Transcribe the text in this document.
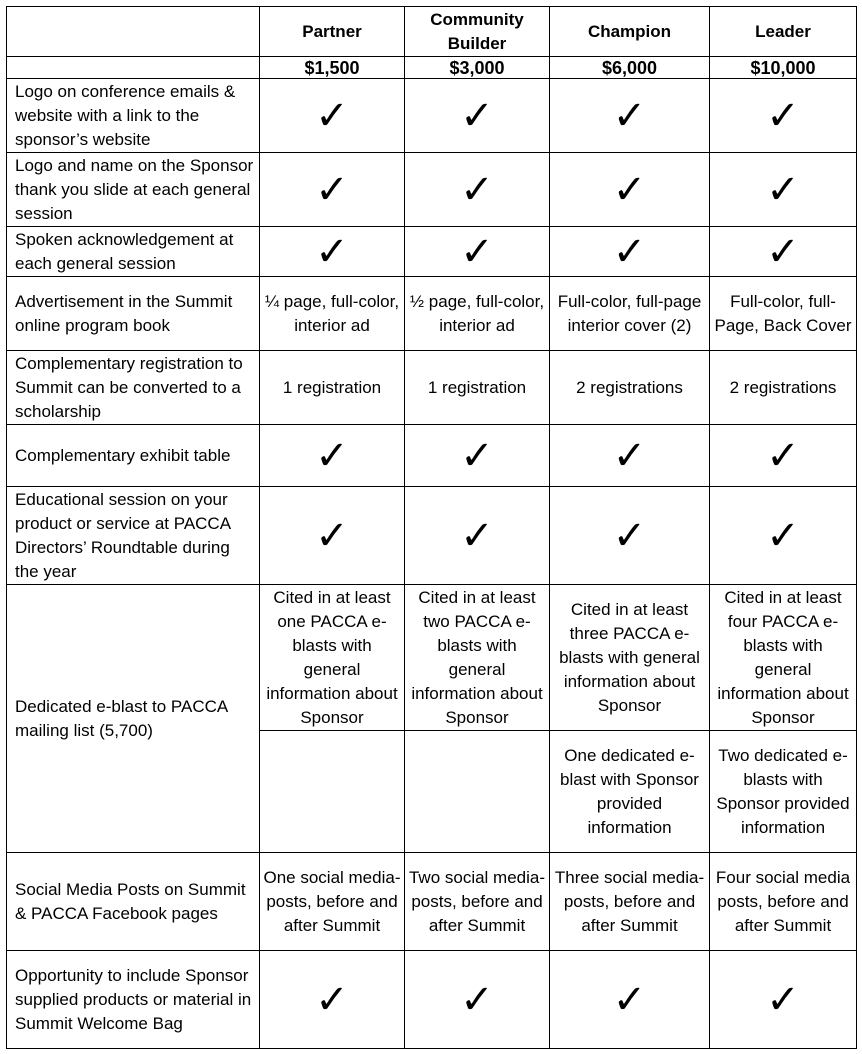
	Partner	Community Builder	Champion	Leader
	$1,500	$3,000	$6,000	$10,000
Logo on conference emails & website with a link to the sponsor’s website	✓	✓	✓	✓
Logo and name on the Sponsor thank you slide at each general session	✓	✓	✓	✓
Spoken acknowledgement at each general session	✓	✓	✓	✓
Advertisement in the Summit online program book	¼ page, full-color, interior ad	½ page, full-color, interior ad	Full-color, full-page interior cover (2)	Full-color, full-Page, Back Cover
Complementary registration to Summit can be converted to a scholarship	1 registration	1 registration	2 registrations	2 registrations
Complementary exhibit table	✓	✓	✓	✓
Educational session on your product or service at PACCA Directors’ Roundtable during the year	✓	✓	✓	✓
Dedicated e-blast to PACCA mailing list (5,700)	Cited in at least one PACCA e-blasts with general information about Sponsor	Cited in at least two PACCA e-blasts with general information about Sponsor	Cited in at least three PACCA e-blasts with general information about Sponsor	Cited in at least four PACCA e-blasts with general information about Sponsor
			One dedicated e-blast with Sponsor provided information	Two dedicated e-blasts with Sponsor provided information
Social Media Posts on Summit & PACCA Facebook pages	One social media-posts, before and after Summit	Two social media-posts, before and after Summit	Three social media-posts, before and after Summit	Four social media posts, before and after Summit
Opportunity to include Sponsor supplied products or material in Summit Welcome Bag	✓	✓	✓	✓
